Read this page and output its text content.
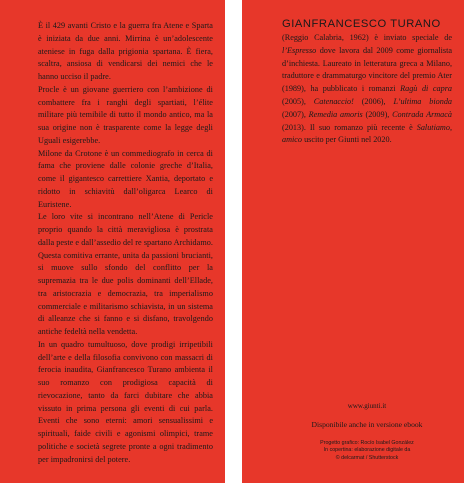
È il 429 avanti Cristo e la guerra fra Atene e Sparta è iniziata da due anni. Mirrina è un’adolescente ateniese in fuga dalla prigionia spartana. È fiera, scaltra, ansiosa di vendicarsi dei nemici che le hanno ucciso il padre.

Procle è un giovane guerriero con l’ambizione di combattere fra i ranghi degli spartiati, l’élite militare più temibile di tutto il mondo antico, ma la sua origine non è trasparente come la legge degli Uguali esigerebbe.

Milone da Crotone è un commediografo in cerca di fama che proviene dalle colonie greche d’Italia, come il gigantesco carrettiere Xantia, deportato e ridotto in schiavitù dall’oligarca Learco di Euristene.

Le loro vite si incontrano nell’Atene di Pericle proprio quando la città meravigliosa è prostrata dalla peste e dall’assedio del re spartano Archidamo.

Questa comitiva errante, unita da passioni brucianti, si muove sullo sfondo del conflitto per la supremazia tra le due polis dominanti dell’Ellade, tra aristocrazia e democrazia, tra imperialismo commerciale e militarismo schiavista, in un sistema di alleanze che si fanno e si disfano, travolgendo antiche fedeltà nella vendetta.

In un quadro tumultuoso, dove prodigi irripetibili dell’arte e della filosofia convivono con massacri di ferocia inaudita, Gianfrancesco Turano ambienta il suo romanzo con prodigiosa capacità di rievocazione, tanto da farci dubitare che abbia vissuto in prima persona gli eventi di cui parla. Eventi che sono eterni: amori sensualissimi e spirituali, faide civili e agonismi olimpici, trame politiche e società segrete pronte a ogni tradimento per impadronirsi del potere.

GIANFRANCESCO TURANO

(Reggio Calabria, 1962) è inviato speciale de l’Espresso dove lavora dal 2009 come giornalista d’inchiesta. Laureato in letteratura greca a Milano, traduttore e drammaturgo vincitore del premio Ater (1989), ha pubblicato i romanzi Ragù di capra (2005), Catenaccio! (2006), L’ultima bionda (2007), Remedia amoris (2009), Contrada Armacà (2013). Il suo romanzo più recente è Salutiamo, amico uscito per Giunti nel 2020.

www.giunti.it
Disponibile anche in versione ebook
Progetto grafico: Rocío Isabel González
In copertina: elaborazione digitale da
© delcarmat / Shutterstock
